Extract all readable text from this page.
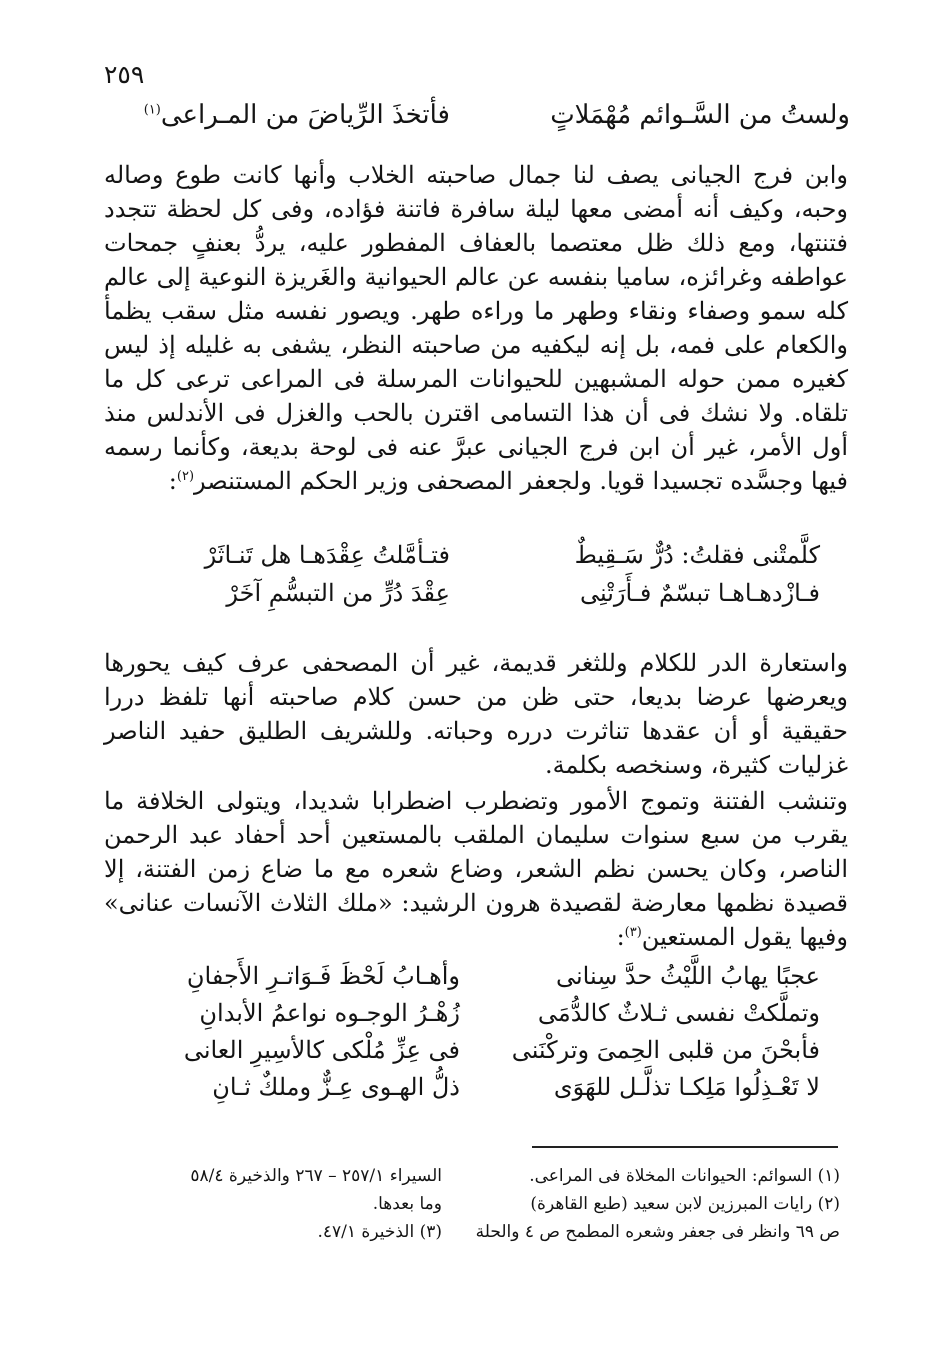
٢٥٩
ولستُ من السَّـوائم مُهْمَلاتٍ
فأتخذَ الرِّياضَ من المـراعى$^{(١)}$

وابن فرج الجيانى يصف لنا جمال صاحبته الخلاب وأنها كانت طوع وصاله وحبه، وكيف أنه أمضى معها ليلة سافرة فاتنة فؤاده، وفى كل لحظة تتجدد فتنتها، ومع ذلك ظل معتصما بالعفاف المفطور عليه، يردُّ بعنفٍ جمحات عواطفه وغرائزه، ساميا بنفسه عن عالم الحيوانية والغَريزة النوعية إلى عالم كله سمو وصفاء ونقاء وطهر ما وراءه طهر. ويصور نفسه مثل سقب يظمأ والكعام على فمه، بل إنه ليكفيه من صاحبته النظر، يشفى به غليله إذ ليس كغيره ممن حوله المشبهين للحيوانات المرسلة فى المراعى ترعى كل ما تلقاه. ولا نشك فى أن هذا التسامى اقترن بالحب والغزل فى الأندلس منذ أول الأمر، غير أن ابن فرج الجيانى عبرَّ عنه فى لوحة بديعة، وكأنما رسمه فيها وجسَّده تجسيدا قويا. ولجعفر المصحفى وزير الحكم المستنصر$^{(٢)}$:

كلَّمتْنى فقلتُ: دُرٌّ سَـقِيطٌ
فتـأمَّلتُ عِقْدَهـا هل تَنـاثَرْ
فـازْدهـاهـا تبسّمٌ فـأَرَتْنِى
عِقْدَ دُرٍّ من التبسُّمِ آخَرْ

واستعارة الدر للكلام وللثغر قديمة، غير أن المصحفى عرف كيف يحورها ويعرضها عرضا بديعا، حتى ظن من حسن كلام صاحبته أنها تلفظ دررا حقيقية أو أن عقدها تناثرت درره وحباته. وللشريف الطليق حفيد الناصر غزليات كثيرة، وسنخصه بكلمة.

وتنشب الفتنة وتموج الأمور وتضطرب اضطرابا شديدا، ويتولى الخلافة ما يقرب من سبع سنوات سليمان الملقب بالمستعين أحد أحفاد عبد الرحمن الناصر، وكان يحسن نظم الشعر، وضاع شعره مع ما ضاع زمن الفتنة، إلا قصيدة نظمها معارضة لقصيدة هرون الرشيد: «ملك الثلاث الآنسات عنانى» وفيها يقول المستعين$^{(٣)}$:

عجبًا يهابُ اللَّيْثُ حدَّ سِنانى
وأهـابُ لَحْظَ فَـوَاتـرِ الأَجفانِ
وتملَّكتْ نفسى ثـلاثٌ كالدُّمَى
زُهْـرُ الوجـوه نواعمُ الأبدانِ
فأبحْنَ من قلبى الحِمىَ وتركْنَنى
فى عِزِّ مُلْكى كالأسِيرِ العانى
لا تَعْـذِلُوا مَلِكـا تذلَّـل للهَوَى
ذلُّ الهـوى عِـزٌّ وملكٌ ثـانِ
(١) السوائم: الحيوانات المخلاة فى المراعى.
(٢) رايات المبرزين لابن سعيد (طبع القاهرة)
ص ٦٩ وانظر فى جعفر وشعره المطمح ص ٤ والحلة
السيراء ٢٥٧/١ – ٢٦٧ والذخيرة ٥٨/٤
وما بعدها.
(٣) الذخيرة ٤٧/١.
